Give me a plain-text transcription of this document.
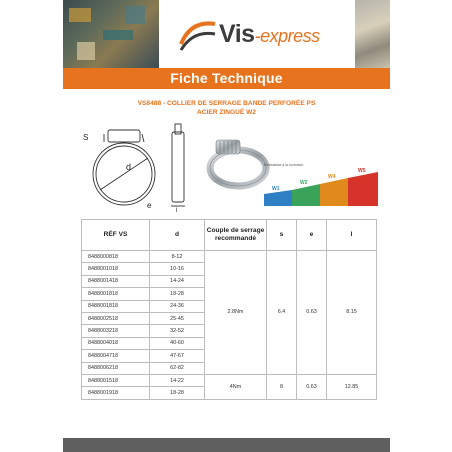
Vis-express
Fiche Technique
VS8488 - COLLIER DE SERRAGE BANDE PERFORÉE PS
ACIER ZINGUÉ W2
S
d
e
l
Résistance à la corrosion
W1
W2
W4
W5
RÉF VS	d	Couple de serrage recommandé	s	e	l
8488000818	8-12	2.8Nm	6.4	0.63	8.15
8488001018	10-16				
8488001418	14-24				
8488001818	18-28				
8488001818	24-36				
8488002518	25-45				
8488003218	32-52				
8488004018	40-60				
8488004718	47-67				
8488006218	62-82				
8488001518	14-22	4Nm	8	0.63	12.85
8488001918	18-28				
